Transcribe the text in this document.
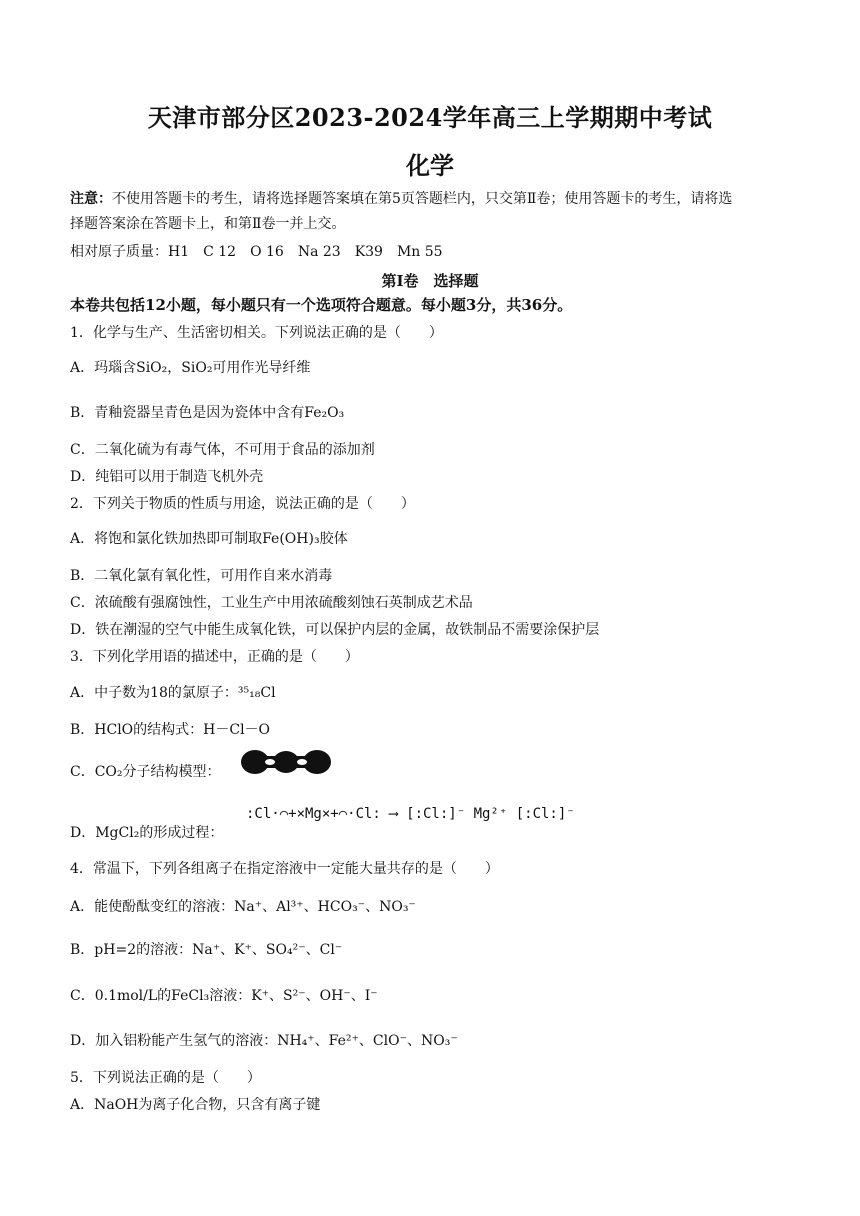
天津市部分区2023-2024学年高三上学期期中考试
化学
注意：不使用答题卡的考生，请将选择题答案填在第5页答题栏内，只交第Ⅱ卷；使用答题卡的考生，请将选
择题答案涂在答题卡上，和第Ⅱ卷一并上交。
相对原子质量：H1　C 12　O 16　Na 23　K39　Mn 55
第Ⅰ卷　选择题
本卷共包括12小题，每小题只有一个选项符合题意。每小题3分，共36分。
1．化学与生产、生活密切相关。下列说法正确的是（　　）
A．玛瑙含SiO₂，SiO₂可用作光导纤维
B．青釉瓷器呈青色是因为瓷体中含有Fe₂O₃
C．二氧化硫为有毒气体，不可用于食品的添加剂
D．纯铝可以用于制造飞机外壳
2．下列关于物质的性质与用途，说法正确的是（　　）
A．将饱和氯化铁加热即可制取Fe(OH)₃胶体
B．二氧化氯有氧化性，可用作自来水消毒
C．浓硫酸有强腐蚀性，工业生产中用浓硫酸刻蚀石英制成艺术品
D．铁在潮湿的空气中能生成氧化铁，可以保护内层的金属，故铁制品不需要涂保护层
3．下列化学用语的描述中，正确的是（　　）
A．中子数为18的氯原子：³⁵₁₈Cl
B．HClO的结构式：H－Cl－O
C．CO₂分子结构模型：
D．MgCl₂的形成过程：
:Cl·⌒+×Mg×+⌒·Cl: ⟶ [:Cl:]⁻ Mg²⁺ [:Cl:]⁻
4．常温下，下列各组离子在指定溶液中一定能大量共存的是（　　）
A．能使酚酞变红的溶液：Na⁺、Al³⁺、HCO₃⁻、NO₃⁻
B．pH=2的溶液：Na⁺、K⁺、SO₄²⁻、Cl⁻
C．0.1mol/L的FeCl₃溶液：K⁺、S²⁻、OH⁻、I⁻
D．加入铝粉能产生氢气的溶液：NH₄⁺、Fe²⁺、ClO⁻、NO₃⁻
5．下列说法正确的是（　　）
A．NaOH为离子化合物，只含有离子键
